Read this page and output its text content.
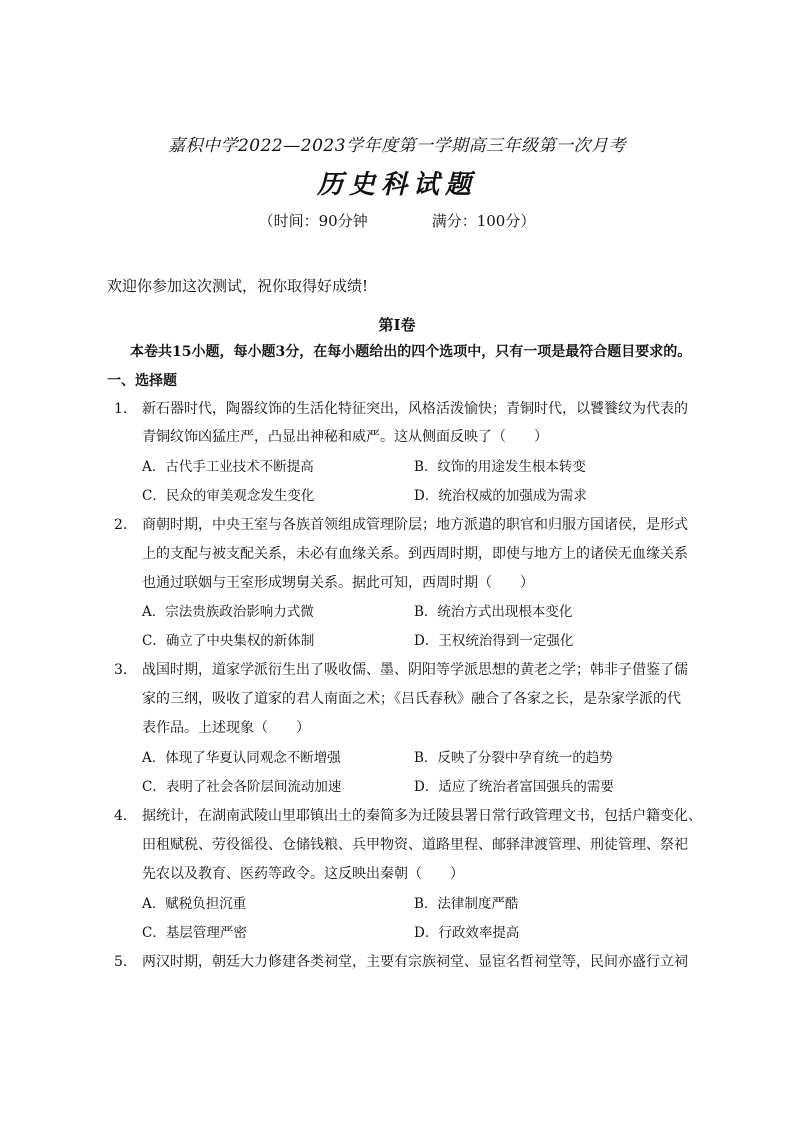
嘉积中学2022—2023学年度第一学期高三年级第一次月考
历史科试题
（时间：90分钟	满分：100分）
欢迎你参加这次测试，祝你取得好成绩!
第Ⅰ卷
本卷共15小题，每小题3分，在每小题给出的四个选项中，只有一项是最符合题目要求的。
一、选择题
1． 新石器时代，陶器纹饰的生活化特征突出，风格活泼愉快；青铜时代，以饕餮纹为代表的
青铜纹饰凶猛庄严，凸显出神秘和威严。这从侧面反映了（　　）
A．古代手工业技术不断提高	B．纹饰的用途发生根本转变
C．民众的审美观念发生变化	D．统治权威的加强成为需求
2． 商朝时期，中央王室与各族首领组成管理阶层；地方派遣的职官和归服方国诸侯，是形式
上的支配与被支配关系，未必有血缘关系。到西周时期，即使与地方上的诸侯无血缘关系
也通过联姻与王室形成甥舅关系。据此可知，西周时期（　　）
A．宗法贵族政治影响力式微	B．统治方式出现根本变化
C．确立了中央集权的新体制	D．王权统治得到一定强化
3． 战国时期，道家学派衍生出了吸收儒、墨、阴阳等学派思想的黄老之学；韩非子借鉴了儒
家的三纲，吸收了道家的君人南面之术；《吕氏春秋》融合了各家之长，是杂家学派的代
表作品。上述现象（　　）
A．体现了华夏认同观念不断增强	B．反映了分裂中孕育统一的趋势
C．表明了社会各阶层间流动加速	D．适应了统治者富国强兵的需要
4． 据统计，在湖南武陵山里耶镇出土的秦简多为迁陵县署日常行政管理文书，包括户籍变化、
田租赋税、劳役徭役、仓储钱粮、兵甲物资、道路里程、邮驿津渡管理、刑徒管理、祭祀
先农以及教育、医药等政令。这反映出秦朝（　　）
A．赋税负担沉重	B．法律制度严酷
C．基层管理严密	D．行政效率提高
5． 两汉时期，朝廷大力修建各类祠堂，主要有宗族祠堂、显宦名哲祠堂等，民间亦盛行立祠
